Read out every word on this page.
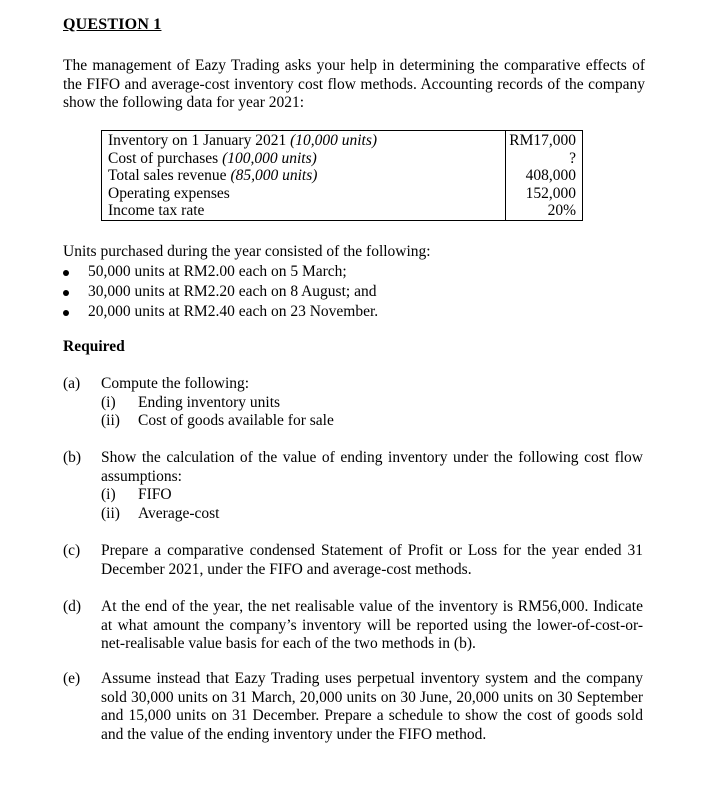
QUESTION 1
The management of Eazy Trading asks your help in determining the comparative effects of the FIFO and average-cost inventory cost flow methods. Accounting records of the company show the following data for year 2021:
Inventory on 1 January 2021 (10,000 units)
Cost of purchases (100,000 units)
Total sales revenue (85,000 units)
Operating expenses
Income tax rate
RM17,000
?
408,000
152,000
20%
Units purchased during the year consisted of the following:
50,000 units at RM2.00 each on 5 March;
30,000 units at RM2.20 each on 8 August; and
20,000 units at RM2.40 each on 23 November.
Required
(a) Compute the following:
(i) Ending inventory units
(ii) Cost of goods available for sale
(b) Show the calculation of the value of ending inventory under the following cost flow assumptions:
(i) FIFO
(ii) Average-cost
(c) Prepare a comparative condensed Statement of Profit or Loss for the year ended 31 December 2021, under the FIFO and average-cost methods.
(d) At the end of the year, the net realisable value of the inventory is RM56,000. Indicate at what amount the company’s inventory will be reported using the lower-of-cost-or-net-realisable value basis for each of the two methods in (b).
(e) Assume instead that Eazy Trading uses perpetual inventory system and the company sold 30,000 units on 31 March, 20,000 units on 30 June, 20,000 units on 30 September and 15,000 units on 31 December. Prepare a schedule to show the cost of goods sold and the value of the ending inventory under the FIFO method.
